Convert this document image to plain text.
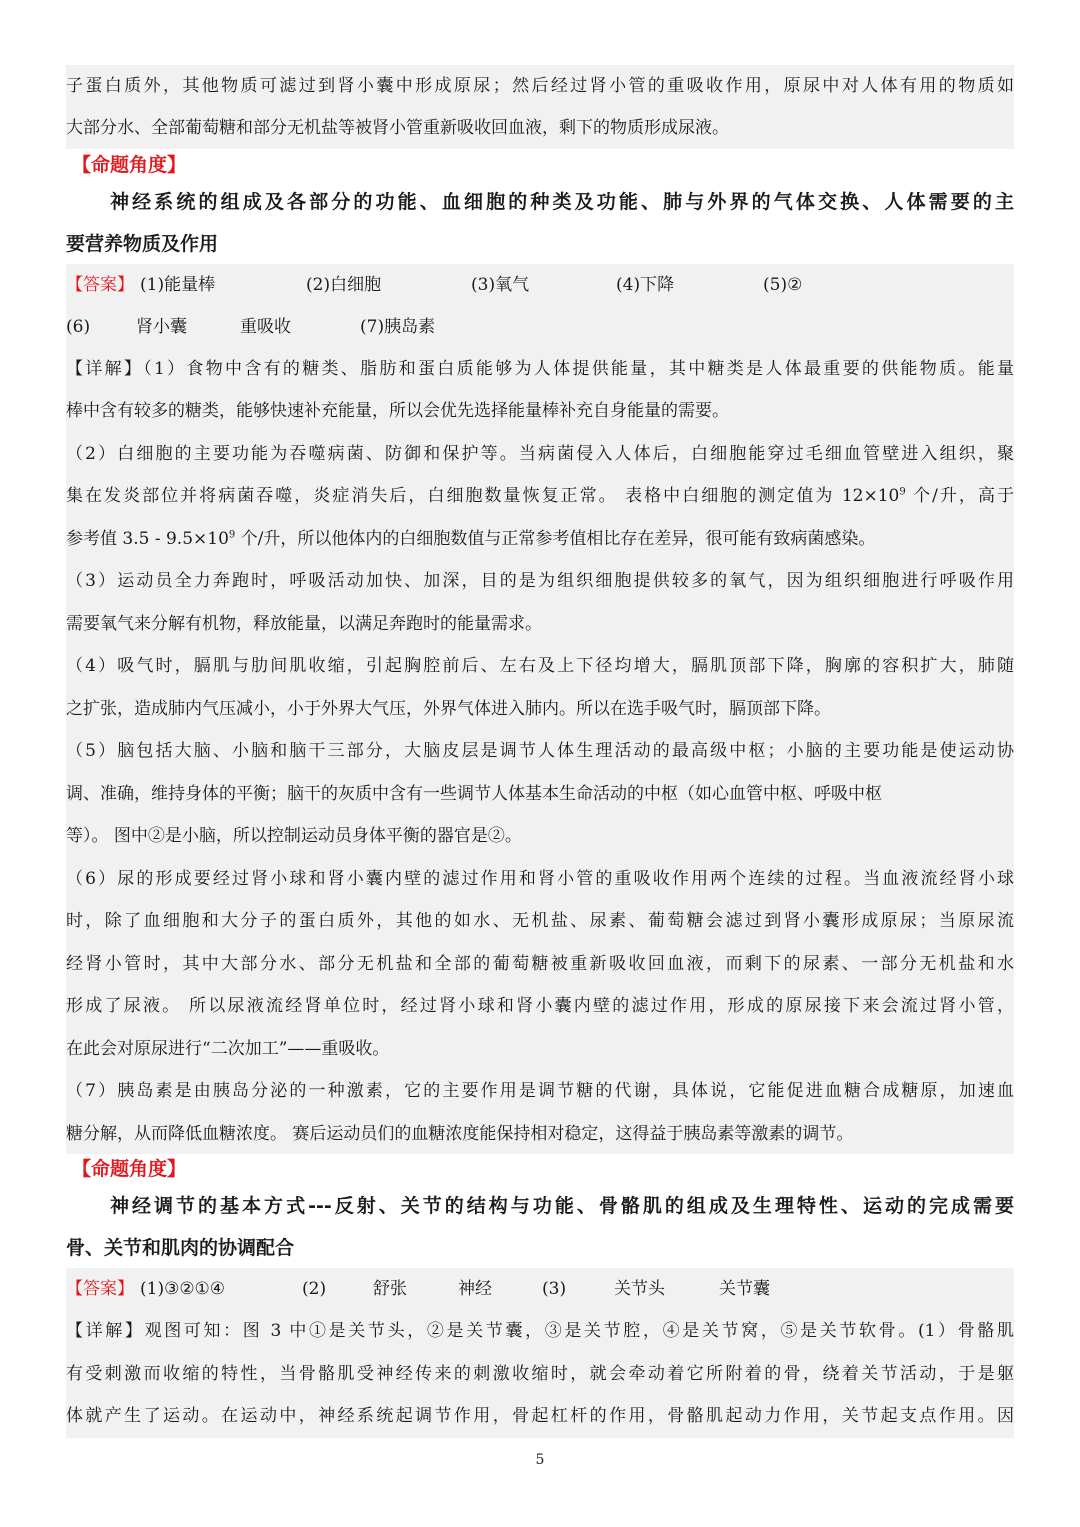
子蛋白质外，其他物质可滤过到肾小囊中形成原尿；然后经过肾小管的重吸收作用，原尿中对人体有用的物质如
大部分水、全部葡萄糖和部分无机盐等被肾小管重新吸收回血液，剩下的物质形成尿液。
【命题角度】
神经系统的组成及各部分的功能、血细胞的种类及功能、肺与外界的气体交换、人体需要的主
要营养物质及作用
【答案】 (1)能量棒	(2)白细胞	(3)氧气	(4)下降	(5)②
(6)	肾小囊	重吸收	(7)胰岛素
【详解】（1）食物中含有的糖类、脂肪和蛋白质能够为人体提供能量，其中糖类是人体最重要的供能物质。能量
棒中含有较多的糖类，能够快速补充能量，所以会优先选择能量棒补充自身能量的需要。
（2）白细胞的主要功能为吞噬病菌、防御和保护等。当病菌侵入人体后，白细胞能穿过毛细血管壁进入组织，聚
集在发炎部位并将病菌吞噬，炎症消失后，白细胞数量恢复正常。 表格中白细胞的测定值为 $12\times 10^9$ 个/升，高于
参考值 $3.5 - 9.5\times 10^9$ 个/升，所以他体内的白细胞数值与正常参考值相比存在差异，很可能有致病菌感染。
（3）运动员全力奔跑时，呼吸活动加快、加深，目的是为组织细胞提供较多的氧气，因为组织细胞进行呼吸作用
需要氧气来分解有机物，释放能量，以满足奔跑时的能量需求。
（4）吸气时，膈肌与肋间肌收缩，引起胸腔前后、左右及上下径均增大，膈肌顶部下降，胸廓的容积扩大，肺随
之扩张，造成肺内气压减小，小于外界大气压，外界气体进入肺内。所以在选手吸气时，膈顶部下降。
（5）脑包括大脑、小脑和脑干三部分，大脑皮层是调节人体生理活动的最高级中枢；小脑的主要功能是使运动协
调、准确，维持身体的平衡；脑干的灰质中含有一些调节人体基本生命活动的中枢（如心血管中枢、呼吸中枢
等）。 图中②是小脑，所以控制运动员身体平衡的器官是②。
（6）尿的形成要经过肾小球和肾小囊内壁的滤过作用和肾小管的重吸收作用两个连续的过程。当血液流经肾小球
时，除了血细胞和大分子的蛋白质外，其他的如水、无机盐、尿素、葡萄糖会滤过到肾小囊形成原尿；当原尿流
经肾小管时，其中大部分水、部分无机盐和全部的葡萄糖被重新吸收回血液，而剩下的尿素、一部分无机盐和水
形成了尿液。 所以尿液流经肾单位时，经过肾小球和肾小囊内壁的滤过作用，形成的原尿接下来会流过肾小管，
在此会对原尿进行“二次加工”——重吸收。
（7）胰岛素是由胰岛分泌的一种激素，它的主要作用是调节糖的代谢，具体说，它能促进血糖合成糖原，加速血
糖分解，从而降低血糖浓度。 赛后运动员们的血糖浓度能保持相对稳定，这得益于胰岛素等激素的调节。
【命题角度】
神经调节的基本方式---反射、关节的结构与功能、骨骼肌的组成及生理特性、运动的完成需要
骨、关节和肌肉的协调配合
【答案】 (1)③②①④	(2)	舒张	神经	(3)	关节头	关节囊
【详解】观图可知：图 3 中①是关节头，②是关节囊，③是关节腔，④是关节窝，⑤是关节软骨。(1）骨骼肌
有受刺激而收缩的特性，当骨骼肌受神经传来的刺激收缩时，就会牵动着它所附着的骨，绕着关节活动，于是躯
体就产生了运动。在运动中，神经系统起调节作用，骨起杠杆的作用，骨骼肌起动力作用，关节起支点作用。因
5
